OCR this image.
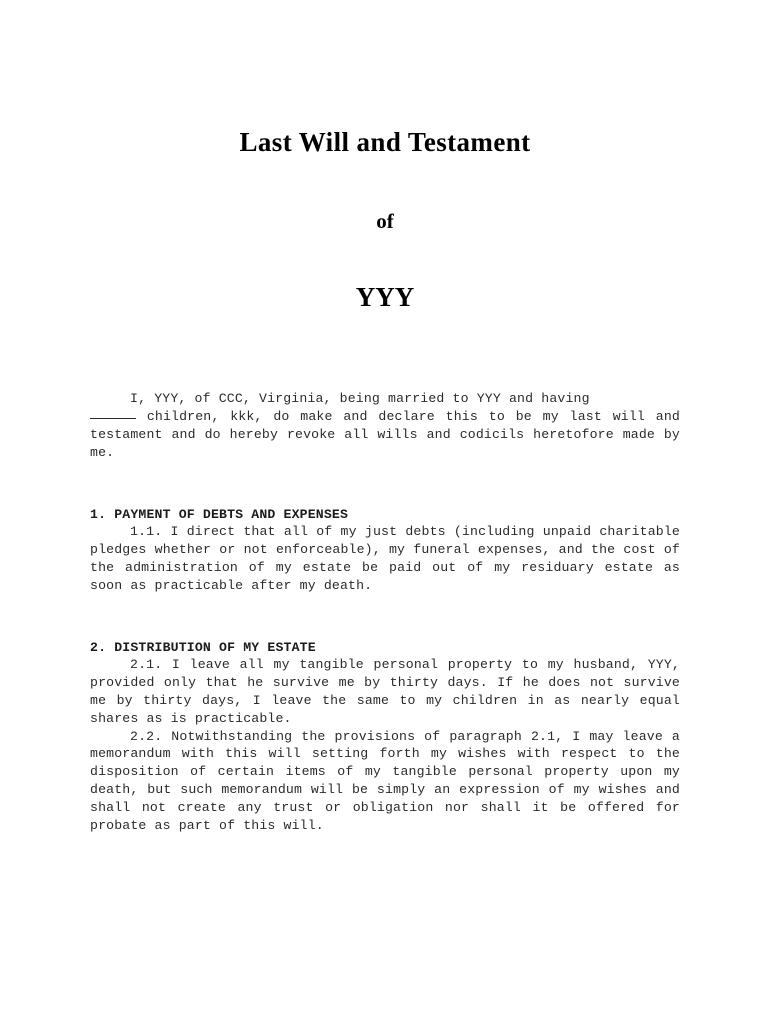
Last Will and Testament
of
YYY

I, YYY, of CCC, Virginia, being married to YYY and having
children, kkk, do make and declare this to be my last will and testament and do hereby revoke all wills and codicils heretofore made by me.

1. PAYMENT OF DEBTS AND EXPENSES

1.1. I direct that all of my just debts (including unpaid charitable pledges whether or not enforceable), my funeral expenses, and the cost of the administration of my estate be paid out of my residuary estate as soon as practicable after my death.

2. DISTRIBUTION OF MY ESTATE

2.1. I leave all my tangible personal property to my husband, YYY, provided only that he survive me by thirty days. If he does not survive me by thirty days, I leave the same to my children in as nearly equal shares as is practicable.

2.2. Notwithstanding the provisions of paragraph 2.1, I may leave a memorandum with this will setting forth my wishes with respect to the disposition of certain items of my tangible personal property upon my death, but such memorandum will be simply an expression of my wishes and shall not create any trust or obligation nor shall it be offered for probate as part of this will.
